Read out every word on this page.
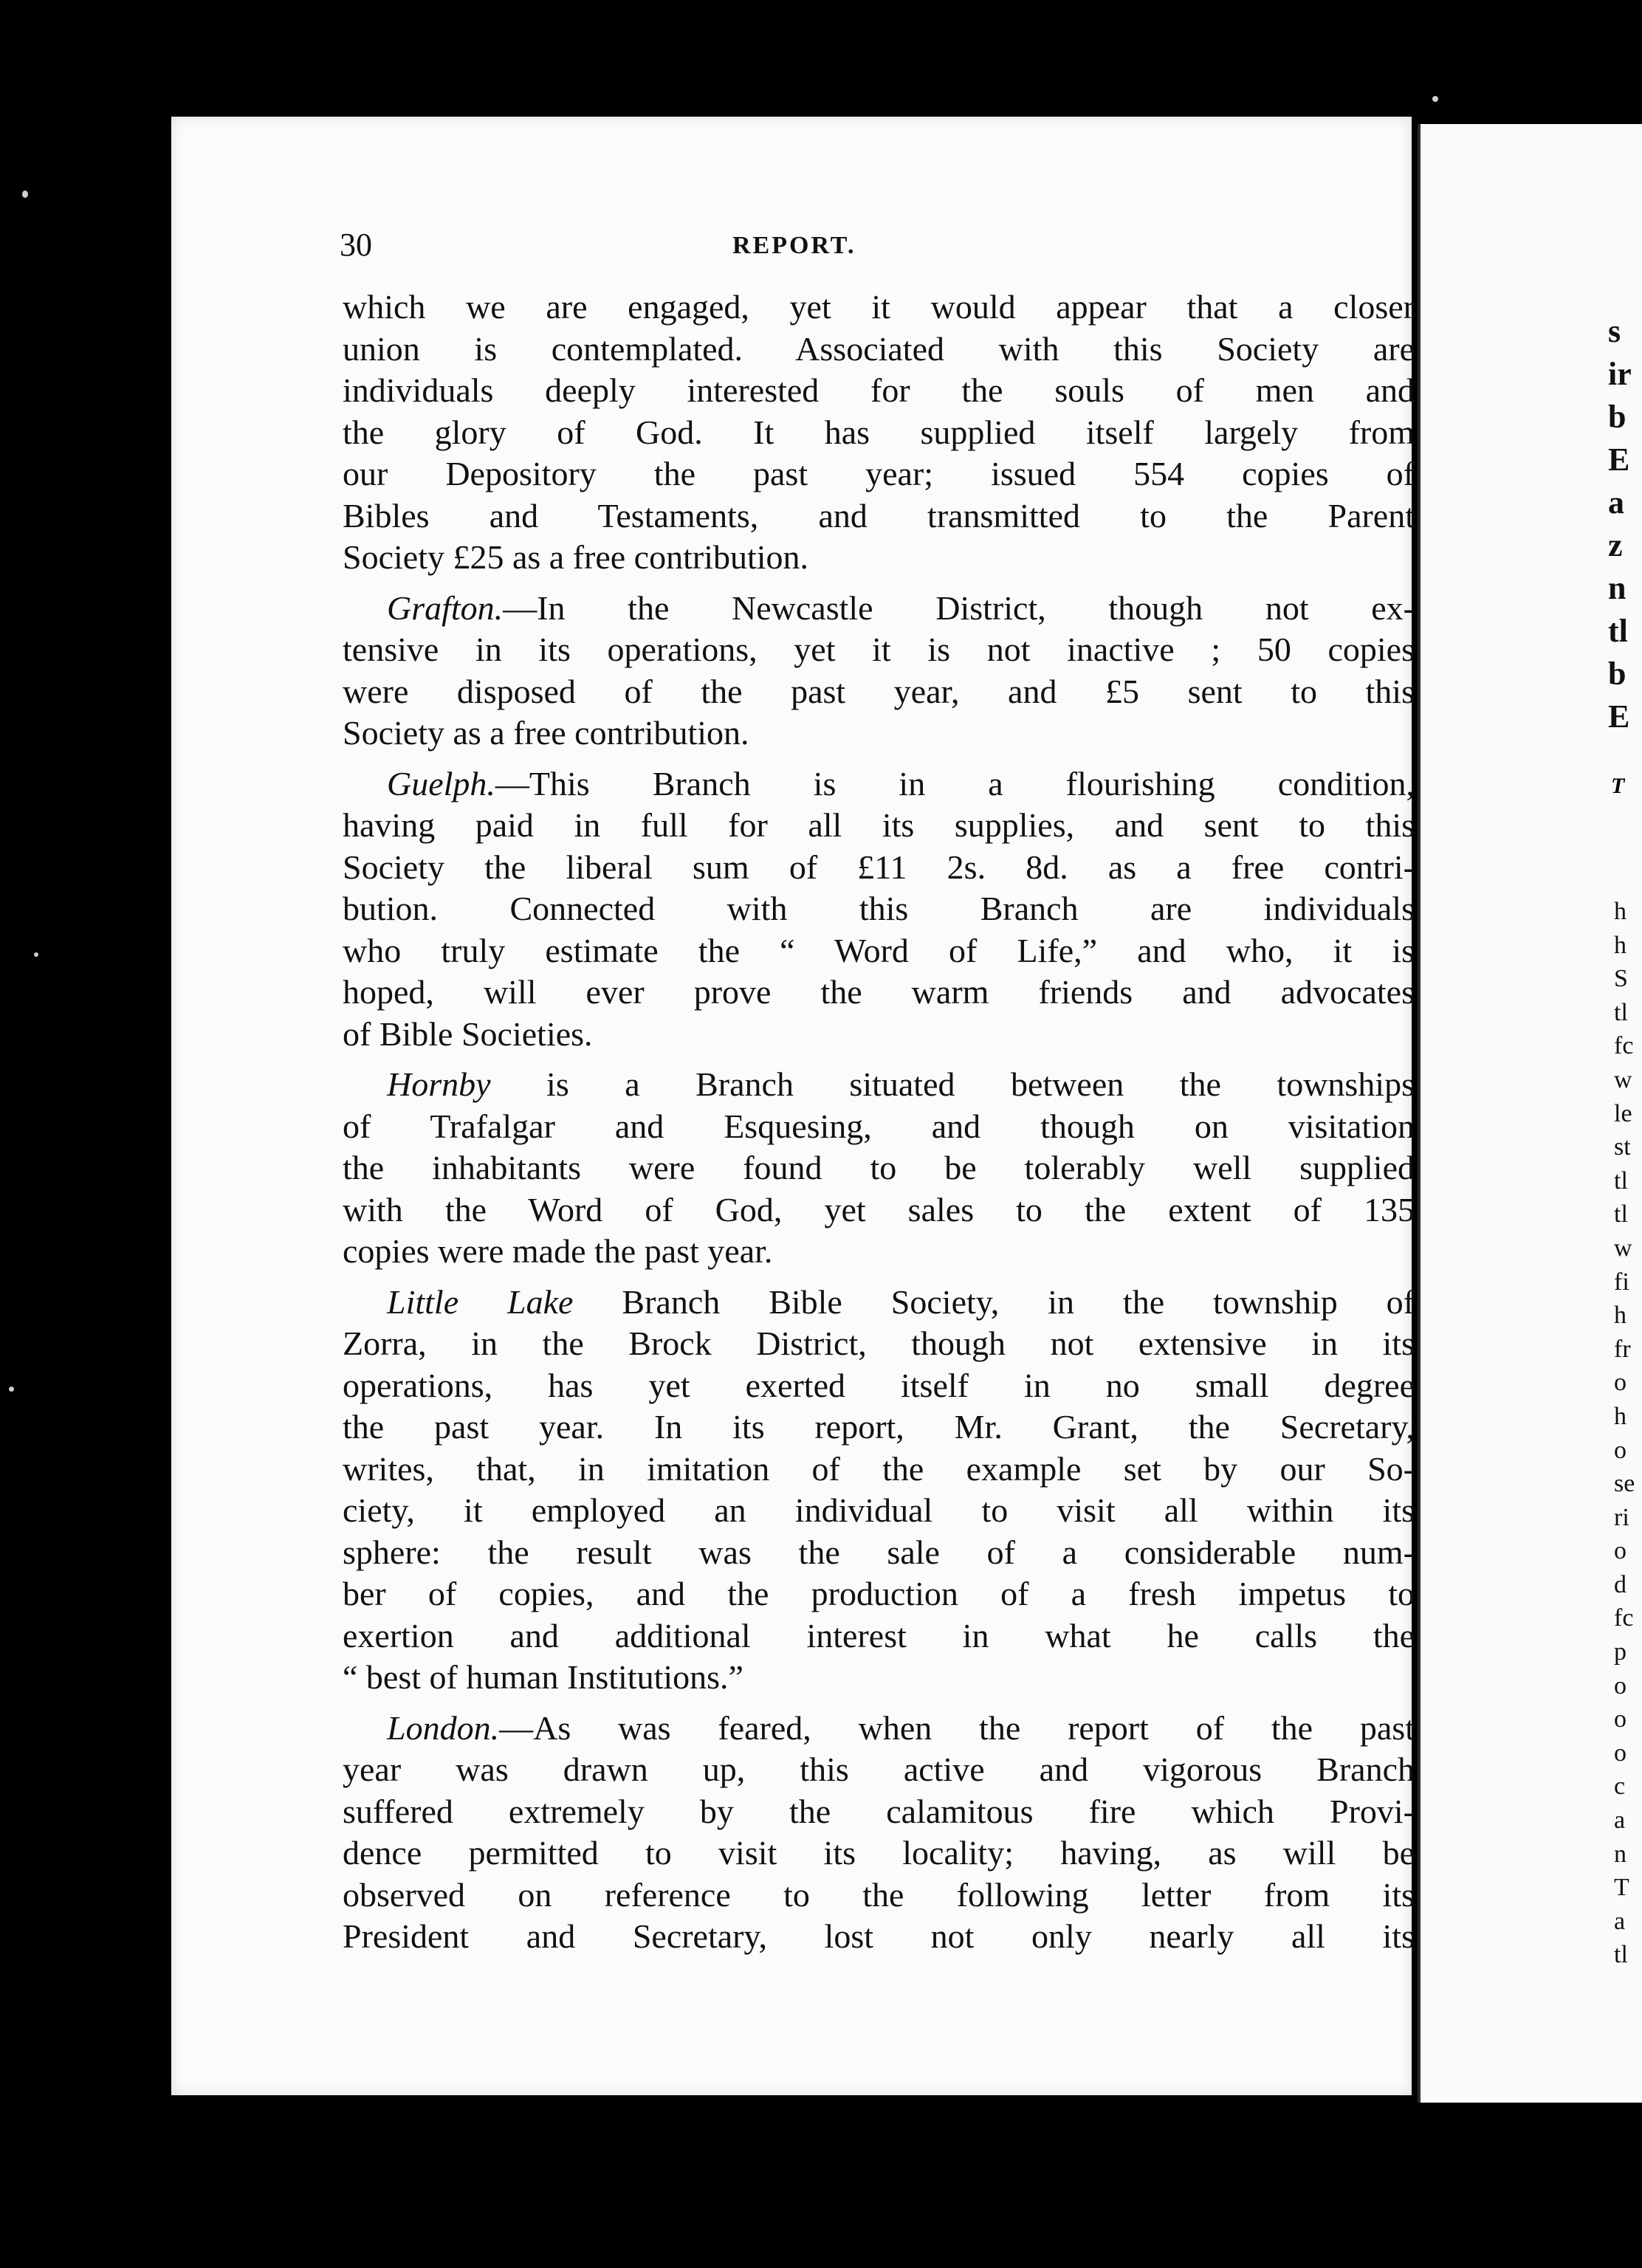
s
ir
b
E
a
z
n
tl
b
E
T
h
h
S
tl
fc
w
le
st
tl
tl
w
fi
h
fr
o
h
o
se
ri
o
d
fc
p
o
o
o
c
a
n
T
a
tl
30	REPORT.
which we are engaged, yet it would appear that a closer
union is contemplated. Associated with this Society are
individuals deeply interested for the souls of men and
the glory of God. It has supplied itself largely from
our Depository the past year; issued 554 copies of
Bibles and Testaments, and transmitted to the Parent
Society £25 as a free contribution.
Grafton.—In the Newcastle District, though not ex-
tensive in its operations, yet it is not inactive ; 50 copies
were disposed of the past year, and £5 sent to this
Society as a free contribution.
Guelph.—This Branch is in a flourishing condition,
having paid in full for all its supplies, and sent to this
Society the liberal sum of £11 2s. 8d. as a free contri-
bution. Connected with this Branch are individuals
who truly estimate the “ Word of Life,” and who, it is
hoped, will ever prove the warm friends and advocates
of Bible Societies.
Hornby is a Branch situated between the townships
of Trafalgar and Esquesing, and though on visitation
the inhabitants were found to be tolerably well supplied
with the Word of God, yet sales to the extent of 135
copies were made the past year.
Little Lake Branch Bible Society, in the township of
Zorra, in the Brock District, though not extensive in its
operations, has yet exerted itself in no small degree
the past year. In its report, Mr. Grant, the Secretary,
writes, that, in imitation of the example set by our So-
ciety, it employed an individual to visit all within its
sphere: the result was the sale of a considerable num-
ber of copies, and the production of a fresh impetus to
exertion and additional interest in what he calls the
“ best of human Institutions.”
London.—As was feared, when the report of the past
year was drawn up, this active and vigorous Branch
suffered extremely by the calamitous fire which Provi-
dence permitted to visit its locality; having, as will be
observed on reference to the following letter from its
President and Secretary, lost not only nearly all its
